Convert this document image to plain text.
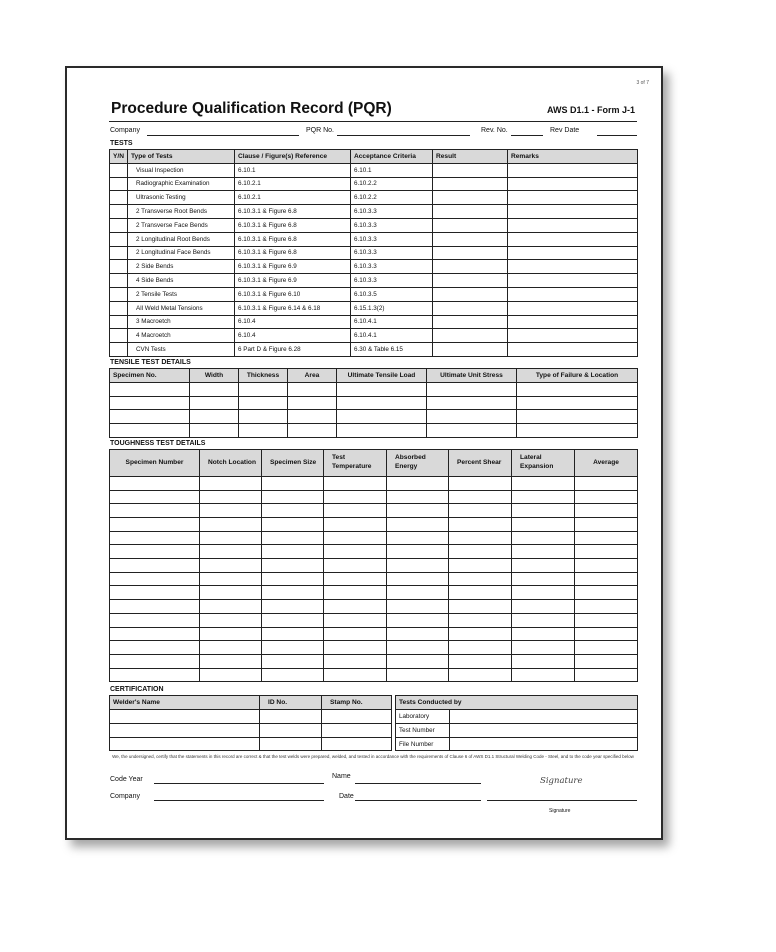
3 of 7
Procedure Qualification Record (PQR)	AWS D1.1 - Form J-1
Company	PQR No.	Rev. No.	Rev Date
TESTS
Y/N	Type of Tests	Clause / Figure(s) Reference	Acceptance Criteria	Result	Remarks
	Visual Inspection	6.10.1	6.10.1		
	Radiographic Examination	6.10.2.1	6.10.2.2		
	Ultrasonic Testing	6.10.2.1	6.10.2.2		
	2 Transverse Root Bends	6.10.3.1 & Figure 6.8	6.10.3.3		
	2 Transverse Face Bends	6.10.3.1 & Figure 6.8	6.10.3.3		
	2 Longitudinal Root Bends	6.10.3.1 & Figure 6.8	6.10.3.3		
	2 Longitudinal Face Bends	6.10.3.1 & Figure 6.8	6.10.3.3		
	2 Side Bends	6.10.3.1 & Figure 6.9	6.10.3.3		
	4 Side Bends	6.10.3.1 & Figure 6.9	6.10.3.3		
	2 Tensile Tests	6.10.3.1 & Figure 6.10	6.10.3.5		
	All Weld Metal Tensions	6.10.3.1 & Figure 6.14 & 6.18	6.15.1.3(2)		
	3 Macroetch	6.10.4	6.10.4.1		
	4 Macroetch	6.10.4	6.10.4.1		
	CVN Tests	6 Part D & Figure 6.28	6.30 & Table 6.15		
TENSILE TEST DETAILS
Specimen No.	Width	Thickness	Area	Ultimate Tensile Load	Ultimate Unit Stress	Type of Failure & Location

TOUGHNESS TEST DETAILS
Specimen Number	Notch Location	Specimen Size	Test Temperature	Absorbed Energy	Percent Shear	Lateral Expansion	Average

CERTIFICATION
Welder's Name	ID No.	Stamp No.

			Tests Conducted by	
Laboratory	
Test Number	
File Number	
We, the undersigned, certify that the statements in this record are correct & that the test welds were prepared, welded, and tested in accordance with the requirements of Clause 6 of AWS D1.1 Structural Welding Code - Steel, and to the code year specified below
Code Year	Name	Signature
Company	Date
Signature
